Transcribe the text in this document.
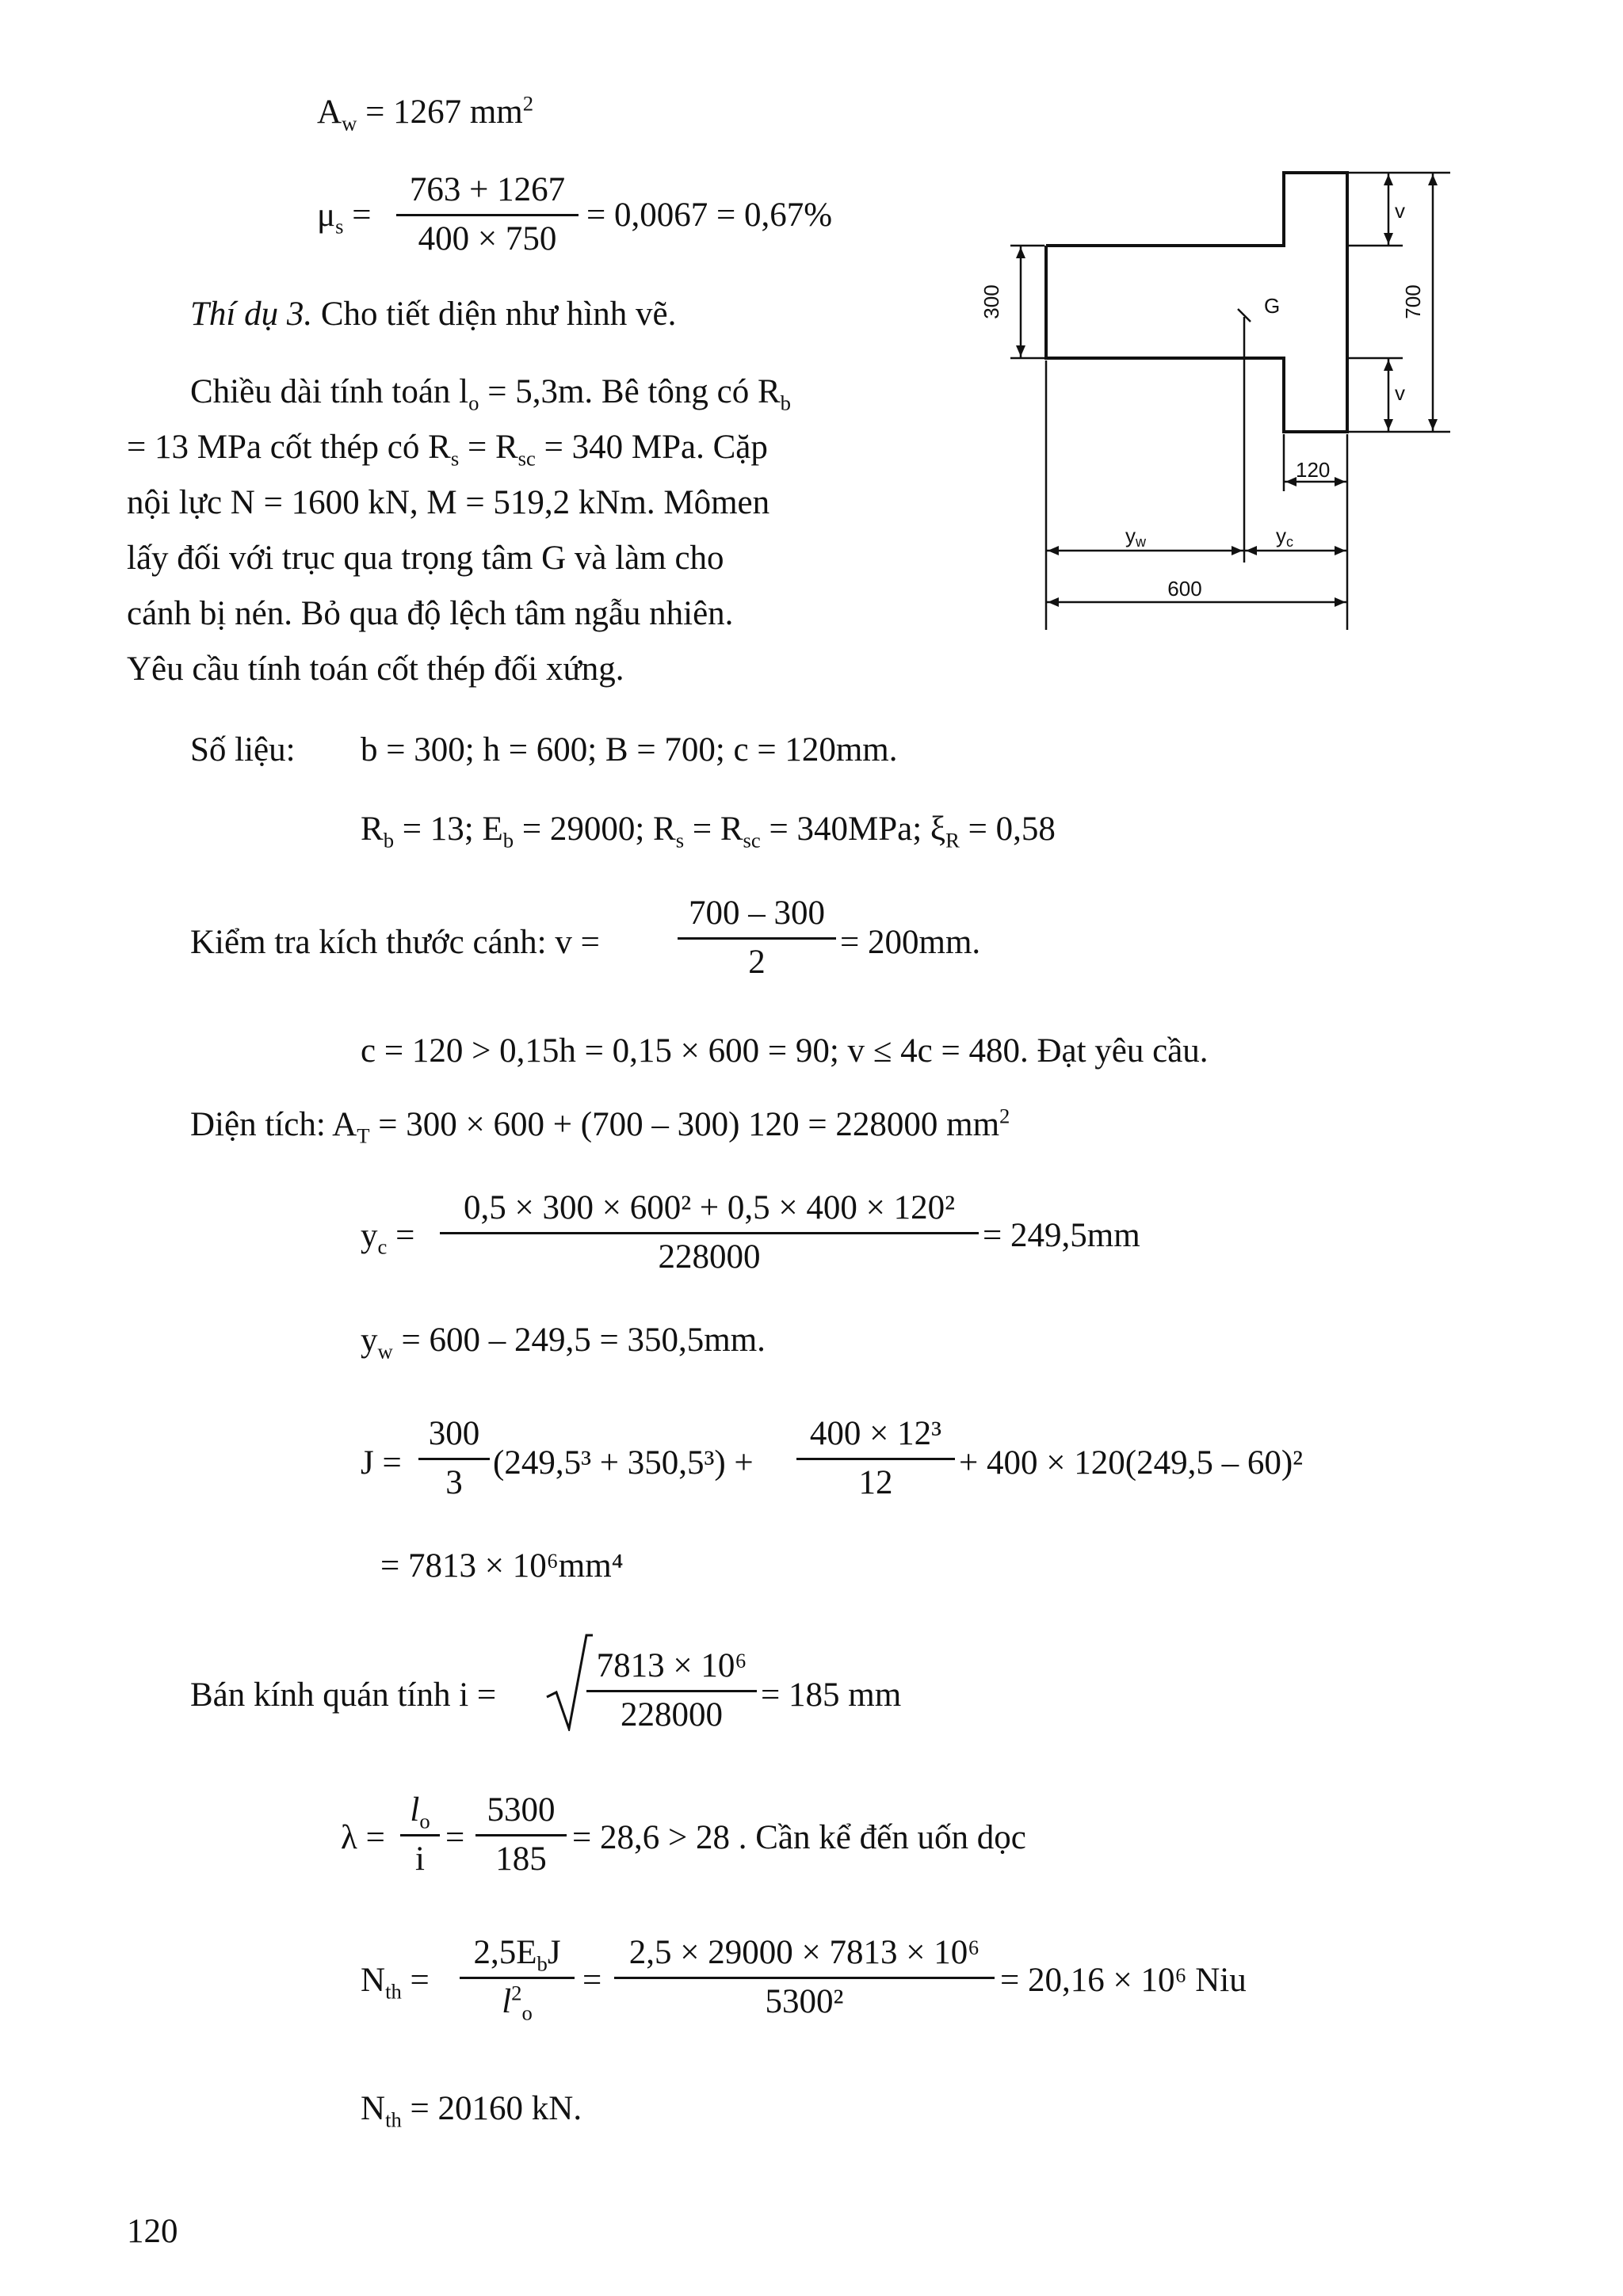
$A_w = 1267$ $mm^2$
$\mu_s$ =
763 + 1267
400 × 750
= 0,0067 = 0,67%
Thí dụ 3. Cho tiết diện như hình vẽ.
Chiều dài tính toán $l_o = 5,3m$. Bê tông có $R_b$
= 13 MPa cốt thép có $R_s = R_{sc} = 340$ MPa. Cặp
nội lực N = 1600 kN, M = 519,2 kNm. Mômen
lấy đối với trục qua trọng tâm G và làm cho
cánh bị nén. Bỏ qua độ lệch tâm ngẫu nhiên.
Yêu cầu tính toán cốt thép đối xứng.
300	700
v
v
G
120
yw	yc
600
Số liệu: b = 300; h = 600; B = 700; c = 120mm.
$R_b = 13$; $E_b = 29000$; $R_s = R_{sc} = 340MPa$; $\xi_R = 0,58$
Kiểm tra kích thước cánh: v =
700 – 300
2
= 200mm.
c = 120 > 0,15h = 0,15 × 600 = 90; v ≤ 4c = 480. Đạt yêu cầu.
Diện tích: $A_T = 300 \times 600 + (700 - 300) 120 = 228000$ $mm^2$
$y_c$ =
0,5 × 300 × 600² + 0,5 × 400 × 120²
228000
= 249,5mm
$y_w = 600 - 249,5 = 350,5mm$.
J =
300
3
(249,5³ + 350,5³) +
400 × 12³
12
+ 400 × 120(249,5 – 60)²
= 7813 × 10⁶mm⁴
Bán kính quán tính i =
7813 × 10⁶
228000
= 185 mm
λ =
$l_o$
i
=
5300
185
= 28,6 > 28 . Cần kể đến uốn dọc
$N_{th}$ =
$2,5E_bJ$
$l^2_o$
=
2,5 × 29000 × 7813 × 10⁶
5300²
= 20,16 × 10⁶ Niu
$N_{th} = 20160$ kN.
120
